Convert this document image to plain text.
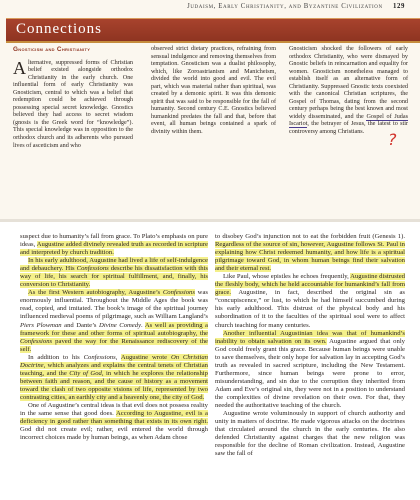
Judaism, Early Christianity, and Byzantine Civilization 129
Connections
Gnosticism and Christianity

Alternative, suppressed forms of Christian belief existed alongside orthodox Christianity in the early church. One influential form of early Christianity was Gnosticism, central to which was a belief that redemption could be achieved through possessing special secret knowledge. Gnostics believed they had access to secret wisdom (gnosis is the Greek word for “knowledge”). This special knowledge was in opposition to the orthodox church and its adherents who pursued lives of asceticism and who

observed strict dietary practices, refraining from sensual indulgence and removing themselves from temptation. Gnosticism was a dualist philosophy, which, like Zoroastrianism and Manicheism, divided the world into good and evil. The evil part, which was material rather than spiritual, was created by a demonic spirit. It was this demonic spirit that was said to be responsible for the fall of humanity. Second century C.E. Gnostics believed humankind predates the fall and that, before that event, all human beings contained a spark of divinity within them.

Gnosticism shocked the followers of early orthodox Christianity, who were dismayed by Gnostic beliefs in reincarnation and equality for women. Gnosticism nonetheless managed to establish itself as an alternative form of Christianity. Suppressed Gnostic texts coexisted with the canonical Christian scriptures, the Gospel of Thomas, dating from the second century perhaps being the best known and most widely disseminated, and the Gospel of Judas Iscariot, the betrayer of Jesus, the latest to stir controversy among Christians.	?

suspect due to humanity’s fall from grace. To Plato’s emphasis on pure ideas, Augustine added divinely revealed truth as recorded in scripture and interpreted by church tradition.

In his early adulthood, Augustine had lived a life of self-indulgence and debauchery. His Confessions describe his dissatisfaction with this way of life, his search for spiritual fulfillment, and, finally, his conversion to Christianity.

As the first Western autobiography, Augustine’s Confessions was enormously influential. Throughout the Middle Ages the book was read, copied, and imitated. The book’s image of the spiritual journey influenced medieval poems of pilgrimage, such as William Langland’s Piers Plowman and Dante’s Divine Comedy. As well as providing a framework for these and other forms of spiritual autobiography, the Confessions paved the way for the Renaissance rediscovery of the self.

In addition to his Confessions, Augustine wrote On Christian Doctrine, which analyzes and explains the central tenets of Christian teaching, and the City of God, in which he explores the relationship between faith and reason, and the cause of history as a movement toward the clash of two opposite visions of life, represented by two contrasting cities, an earthly city and a heavenly one, the city of God.

One of Augustine’s central ideas is that evil does not possess reality in the same sense that good does. According to Augustine, evil is a deficiency in good rather than something that exists in its own right. God did not create evil; rather, evil entered the world through incorrect choices made by human beings, as when Adam chose

to disobey God’s injunction not to eat the forbidden fruit (Genesis 1). Regardless of the source of sin, however, Augustine follows St. Paul in explaining how Christ redeemed humanity, and how life is a spiritual pilgrimage toward God, in whom human beings find their salvation and their eternal rest.

Like Paul, whose epistles he echoes frequently, Augustine distrusted the fleshly body, which he held accountable for humankind’s fall from grace. Augustine, in fact, described the original sin as “concupiscence,” or lust, to which he had himself succumbed during his early adulthood. This distrust of the physical body and his subordination of it to the faculties of the spiritual soul were to affect church teaching for many centuries.

Another influential Augustinian idea was that of humankind’s inability to obtain salvation on its own. Augustine argued that only God could freely grant this grace. Because human beings were unable to save themselves, their only hope for salvation lay in accepting God’s truth as revealed in sacred scripture, including the New Testament. Furthermore, since human beings were prone to error, misunderstanding, and sin due to the corruption they inherited from Adam and Eve’s original sin, they were not in a position to understand the complexities of divine revelation on their own. For that, they needed the authoritative teaching of the church.

Augustine wrote voluminously in support of church authority and unity in matters of doctrine. He made vigorous attacks on the doctrines that circulated around the church in the early centuries. He also defended Christianity against charges that the new religion was responsible for the decline of Roman civilization. Instead, Augustine saw the fall of
